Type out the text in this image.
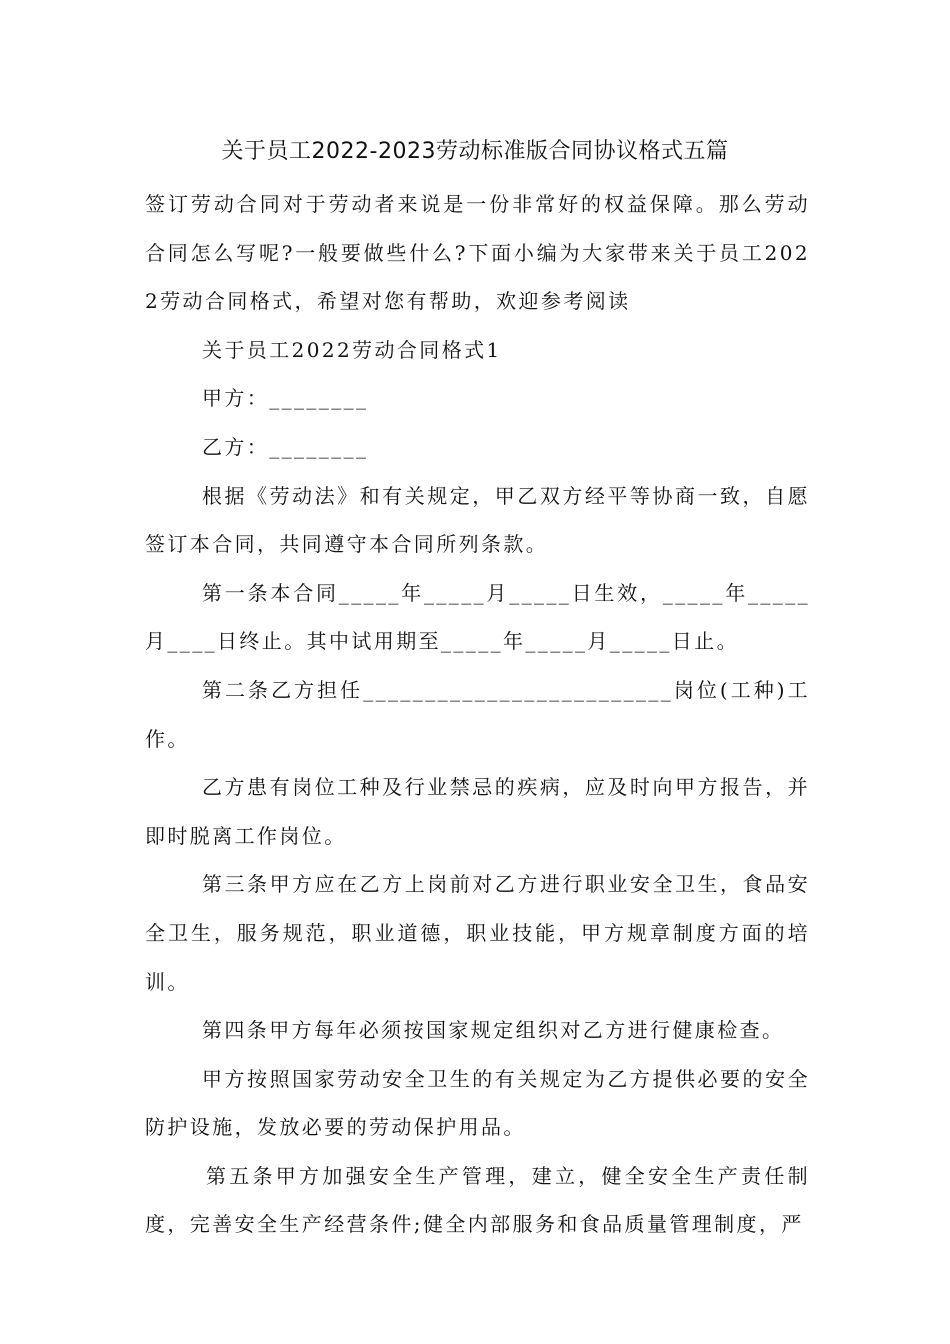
关于员工2022-2023劳动标准版合同协议格式五篇

签订劳动合同对于劳动者来说是一份非常好的权益保障。那么劳动合同怎么写呢?一般要做些什么?下面小编为大家带来关于员工2022劳动合同格式，希望对您有帮助，欢迎参考阅读

关于员工2022劳动合同格式1

甲方：________

乙方：________

根据《劳动法》和有关规定，甲乙双方经平等协商一致，自愿签订本合同，共同遵守本合同所列条款。

第一条本合同_____年_____月_____日生效，_____年_____月____日终止。其中试用期至_____年_____月_____日止。

第二条乙方担任_________________________岗位(工种)工作。

乙方患有岗位工种及行业禁忌的疾病，应及时向甲方报告，并即时脱离工作岗位。

第三条甲方应在乙方上岗前对乙方进行职业安全卫生，食品安全卫生，服务规范，职业道德，职业技能，甲方规章制度方面的培训。

第四条甲方每年必须按国家规定组织对乙方进行健康检查。

甲方按照国家劳动安全卫生的有关规定为乙方提供必要的安全防护设施，发放必要的劳动保护用品。

第五条甲方加强安全生产管理，建立，健全安全生产责任制度，完善安全生产经营条件;健全内部服务和食品质量管理制度，严
